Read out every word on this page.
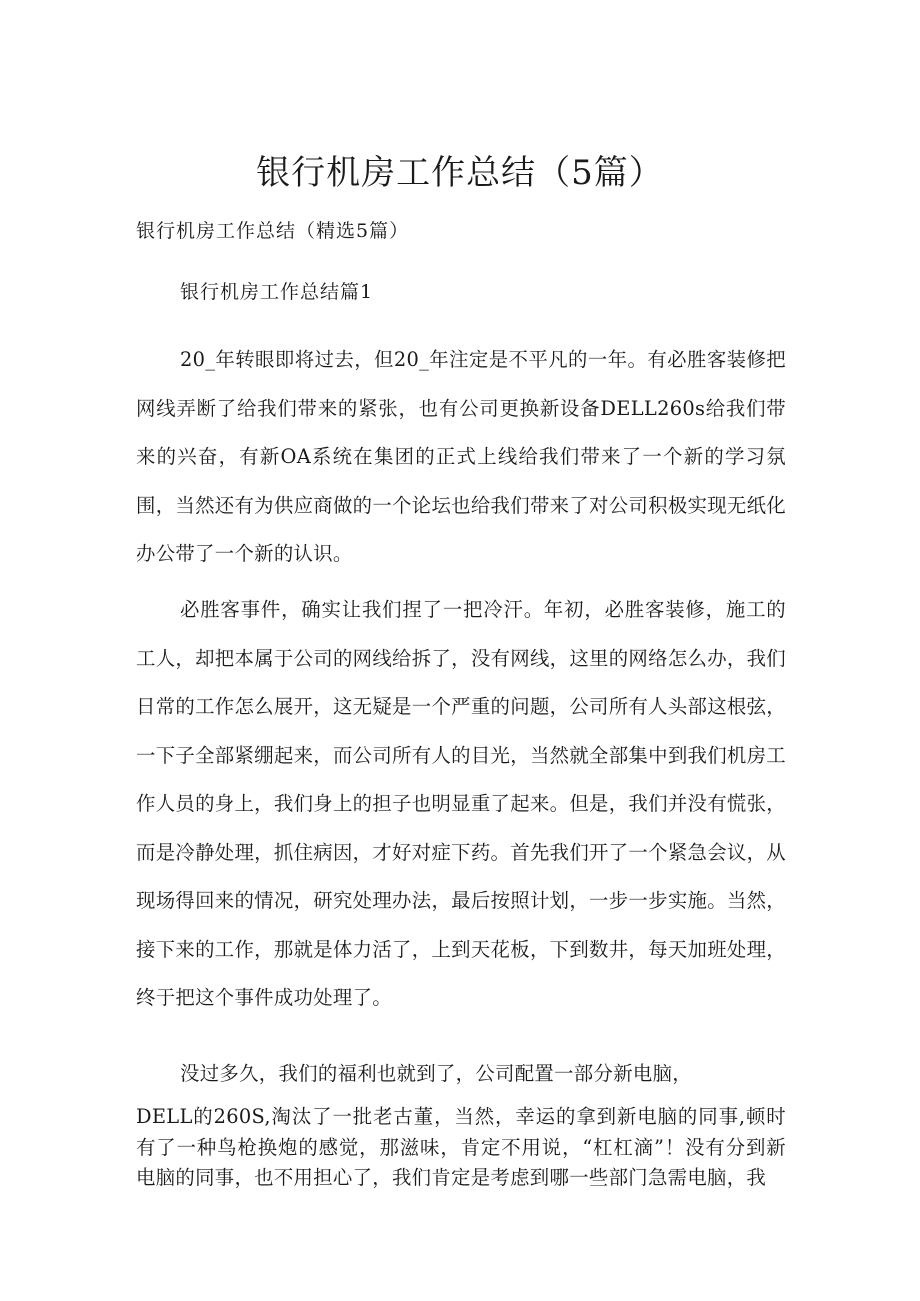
银行机房工作总结（5篇）
银行机房工作总结（精选5篇）
银行机房工作总结篇1

20_年转眼即将过去，但20_年注定是不平凡的一年。有必胜客装修把网线弄断了给我们带来的紧张，也有公司更换新设备DELL260s给我们带来的兴奋，有新OA系统在集团的正式上线给我们带来了一个新的学习氛围，当然还有为供应商做的一个论坛也给我们带来了对公司积极实现无纸化办公带了一个新的认识。

必胜客事件，确实让我们捏了一把冷汗。年初，必胜客装修，施工的工人，却把本属于公司的网线给拆了，没有网线，这里的网络怎么办，我们日常的工作怎么展开，这无疑是一个严重的问题，公司所有人头部这根弦，一下子全部紧绷起来，而公司所有人的目光，当然就全部集中到我们机房工作人员的身上，我们身上的担子也明显重了起来。但是，我们并没有慌张，而是冷静处理，抓住病因，才好对症下药。首先我们开了一个紧急会议，从现场得回来的情况，研究处理办法，最后按照计划，一步一步实施。当然，接下来的工作，那就是体力活了，上到天花板，下到数井，每天加班处理，终于把这个事件成功处理了。

没过多久，我们的福利也就到了，公司配置一部分新电脑，

DELL的260S,淘汰了一批老古董，当然，幸运的拿到新电脑的同事,顿时有了一种鸟枪换炮的感觉，那滋味，肯定不用说，“杠杠滴”！没有分到新电脑的同事，也不用担心了，我们肯定是考虑到哪一些部门急需电脑，我
